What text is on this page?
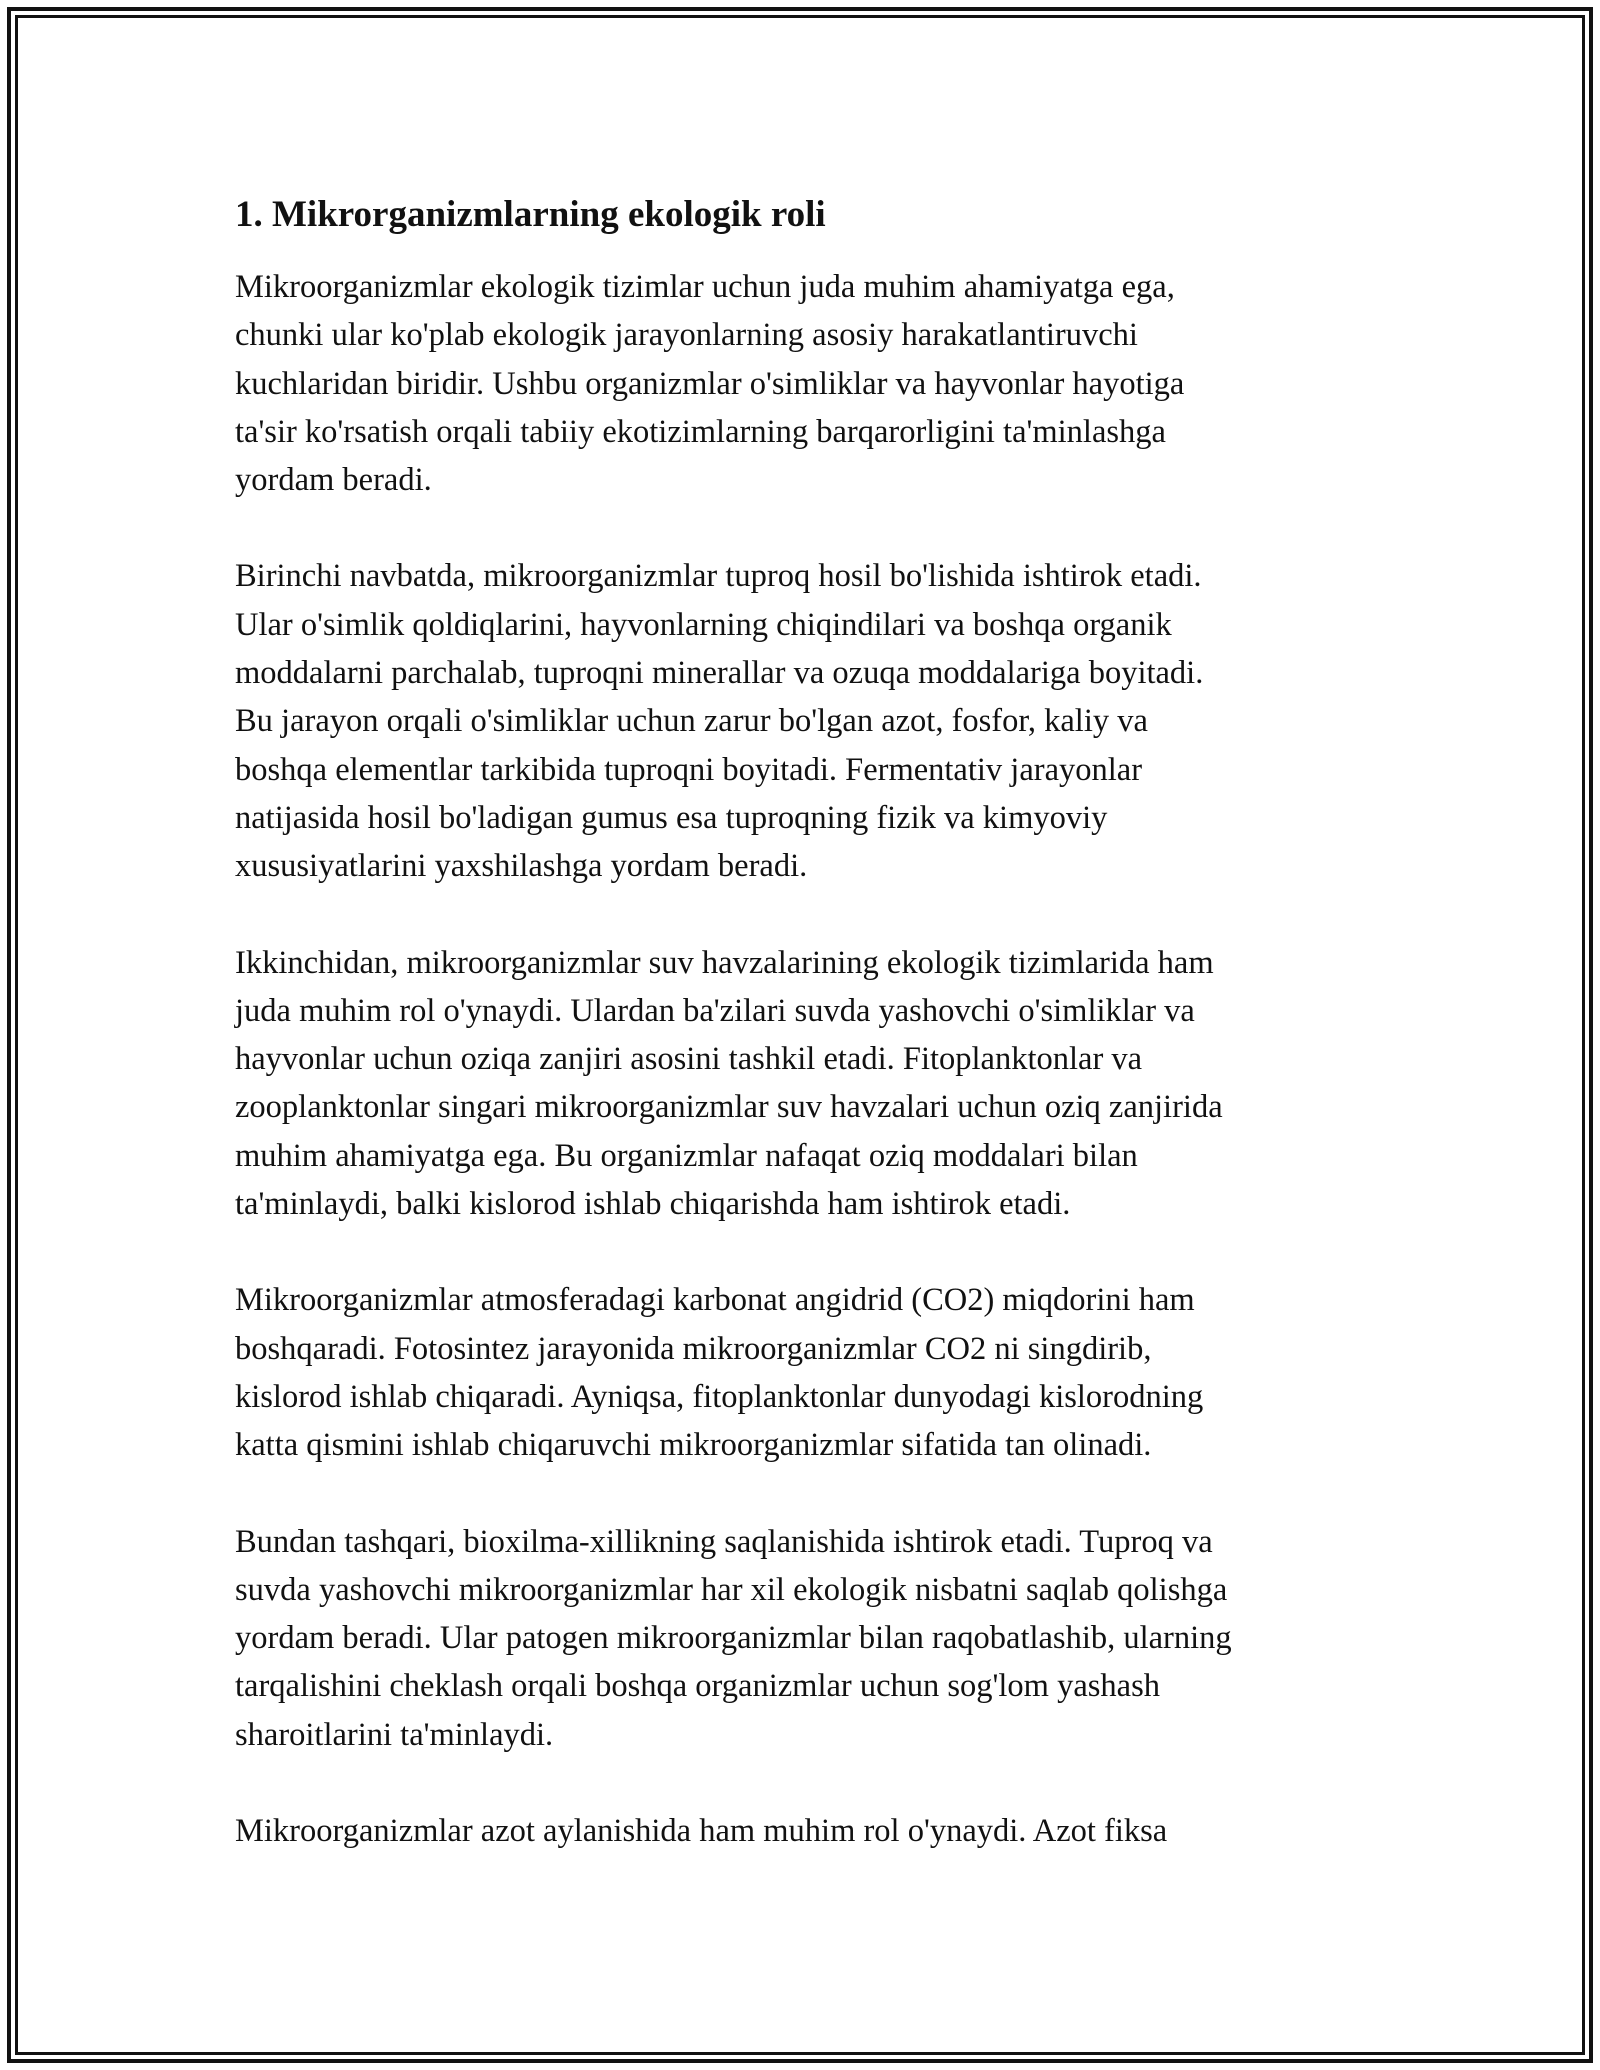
1. Mikrorganizmlarning ekologik roli

Mikroorganizmlar ekologik tizimlar uchun juda muhim ahamiyatga ega,
chunki ular ko'plab ekologik jarayonlarning asosiy harakatlantiruvchi
kuchlaridan biridir. Ushbu organizmlar o'simliklar va hayvonlar hayotiga
ta'sir ko'rsatish orqali tabiiy ekotizimlarning barqarorligini ta'minlashga
yordam beradi.

Birinchi navbatda, mikroorganizmlar tuproq hosil bo'lishida ishtirok etadi.
Ular o'simlik qoldiqlarini, hayvonlarning chiqindilari va boshqa organik
moddalarni parchalab, tuproqni minerallar va ozuqa moddalariga boyitadi.
Bu jarayon orqali o'simliklar uchun zarur bo'lgan azot, fosfor, kaliy va
boshqa elementlar tarkibida tuproqni boyitadi. Fermentativ jarayonlar
natijasida hosil bo'ladigan gumus esa tuproqning fizik va kimyoviy
xususiyatlarini yaxshilashga yordam beradi.

Ikkinchidan, mikroorganizmlar suv havzalarining ekologik tizimlarida ham
juda muhim rol o'ynaydi. Ulardan ba'zilari suvda yashovchi o'simliklar va
hayvonlar uchun oziqa zanjiri asosini tashkil etadi. Fitoplanktonlar va
zooplanktonlar singari mikroorganizmlar suv havzalari uchun oziq zanjirida
muhim ahamiyatga ega. Bu organizmlar nafaqat oziq moddalari bilan
ta'minlaydi, balki kislorod ishlab chiqarishda ham ishtirok etadi.

Mikroorganizmlar atmosferadagi karbonat angidrid (CO2) miqdorini ham
boshqaradi. Fotosintez jarayonida mikroorganizmlar CO2 ni singdirib,
kislorod ishlab chiqaradi. Ayniqsa, fitoplanktonlar dunyodagi kislorodning
katta qismini ishlab chiqaruvchi mikroorganizmlar sifatida tan olinadi.

Bundan tashqari, bioxilma-xillikning saqlanishida ishtirok etadi. Tuproq va
suvda yashovchi mikroorganizmlar har xil ekologik nisbatni saqlab qolishga
yordam beradi. Ular patogen mikroorganizmlar bilan raqobatlashib, ularning
tarqalishini cheklash orqali boshqa organizmlar uchun sog'lom yashash
sharoitlarini ta'minlaydi.

Mikroorganizmlar azot aylanishida ham muhim rol o'ynaydi. Azot fiksa
